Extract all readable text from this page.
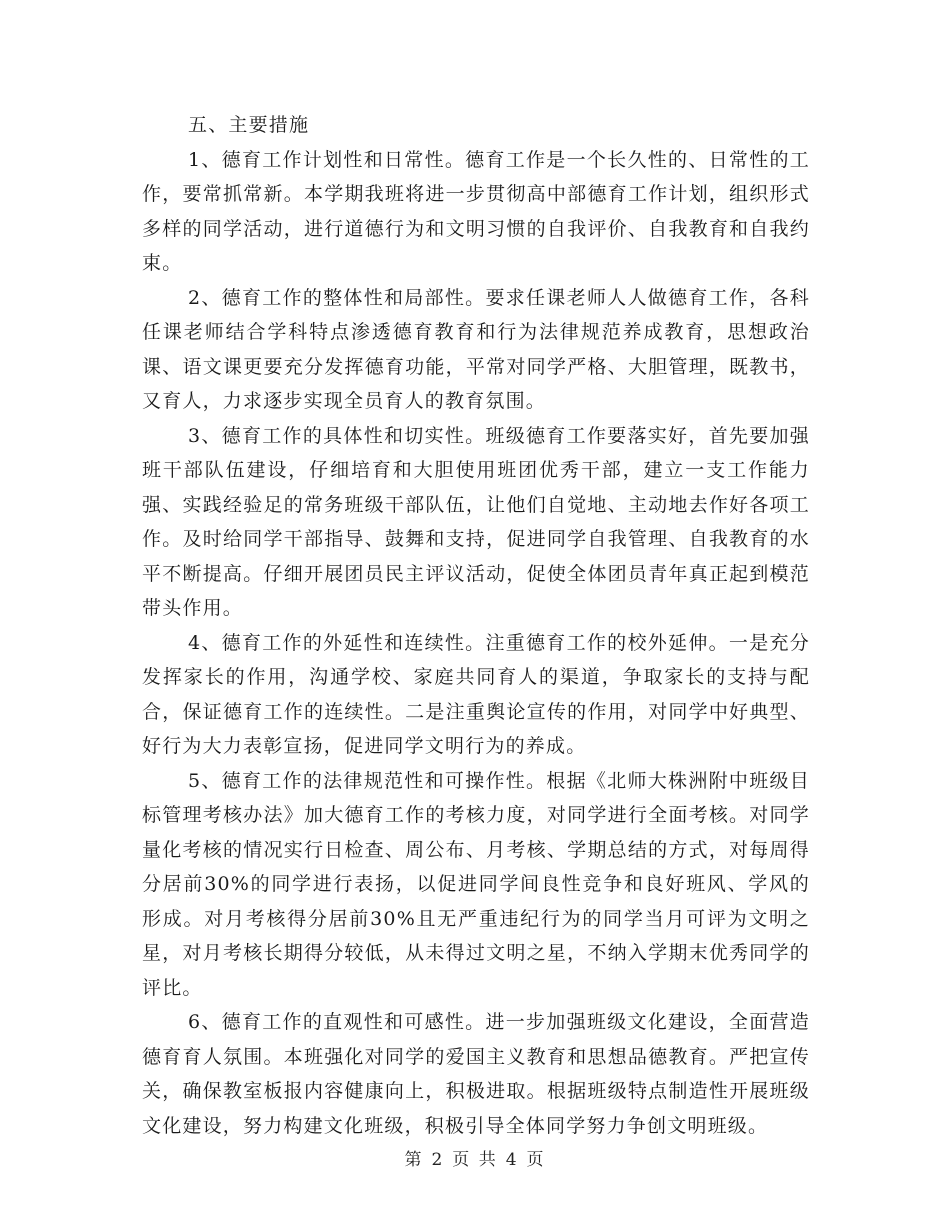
五、主要措施

1、德育工作计划性和日常性。德育工作是一个长久性的、日常性的工作，要常抓常新。本学期我班将进一步贯彻高中部德育工作计划，组织形式多样的同学活动，进行道德行为和文明习惯的自我评价、自我教育和自我约束。

2、德育工作的整体性和局部性。要求任课老师人人做德育工作，各科任课老师结合学科特点渗透德育教育和行为法律规范养成教育，思想政治课、语文课更要充分发挥德育功能，平常对同学严格、大胆管理，既教书，又育人，力求逐步实现全员育人的教育氛围。

3、德育工作的具体性和切实性。班级德育工作要落实好，首先要加强班干部队伍建设，仔细培育和大胆使用班团优秀干部，建立一支工作能力强、实践经验足的常务班级干部队伍，让他们自觉地、主动地去作好各项工作。及时给同学干部指导、鼓舞和支持，促进同学自我管理、自我教育的水平不断提高。仔细开展团员民主评议活动，促使全体团员青年真正起到模范带头作用。

4、德育工作的外延性和连续性。注重德育工作的校外延伸。一是充分发挥家长的作用，沟通学校、家庭共同育人的渠道，争取家长的支持与配合，保证德育工作的连续性。二是注重舆论宣传的作用，对同学中好典型、好行为大力表彰宣扬，促进同学文明行为的养成。

5、德育工作的法律规范性和可操作性。根据《北师大株洲附中班级目标管理考核办法》加大德育工作的考核力度，对同学进行全面考核。对同学量化考核的情况实行日检查、周公布、月考核、学期总结的方式，对每周得分居前30%的同学进行表扬，以促进同学间良性竞争和良好班风、学风的形成。对月考核得分居前30%且无严重违纪行为的同学当月可评为文明之星，对月考核长期得分较低，从未得过文明之星，不纳入学期末优秀同学的评比。

6、德育工作的直观性和可感性。进一步加强班级文化建设，全面营造德育育人氛围。本班强化对同学的爱国主义教育和思想品德教育。严把宣传关，确保教室板报内容健康向上，积极进取。根据班级特点制造性开展班级文化建设，努力构建文化班级，积极引导全体同学努力争创文明班级。

第 2 页 共 4 页
